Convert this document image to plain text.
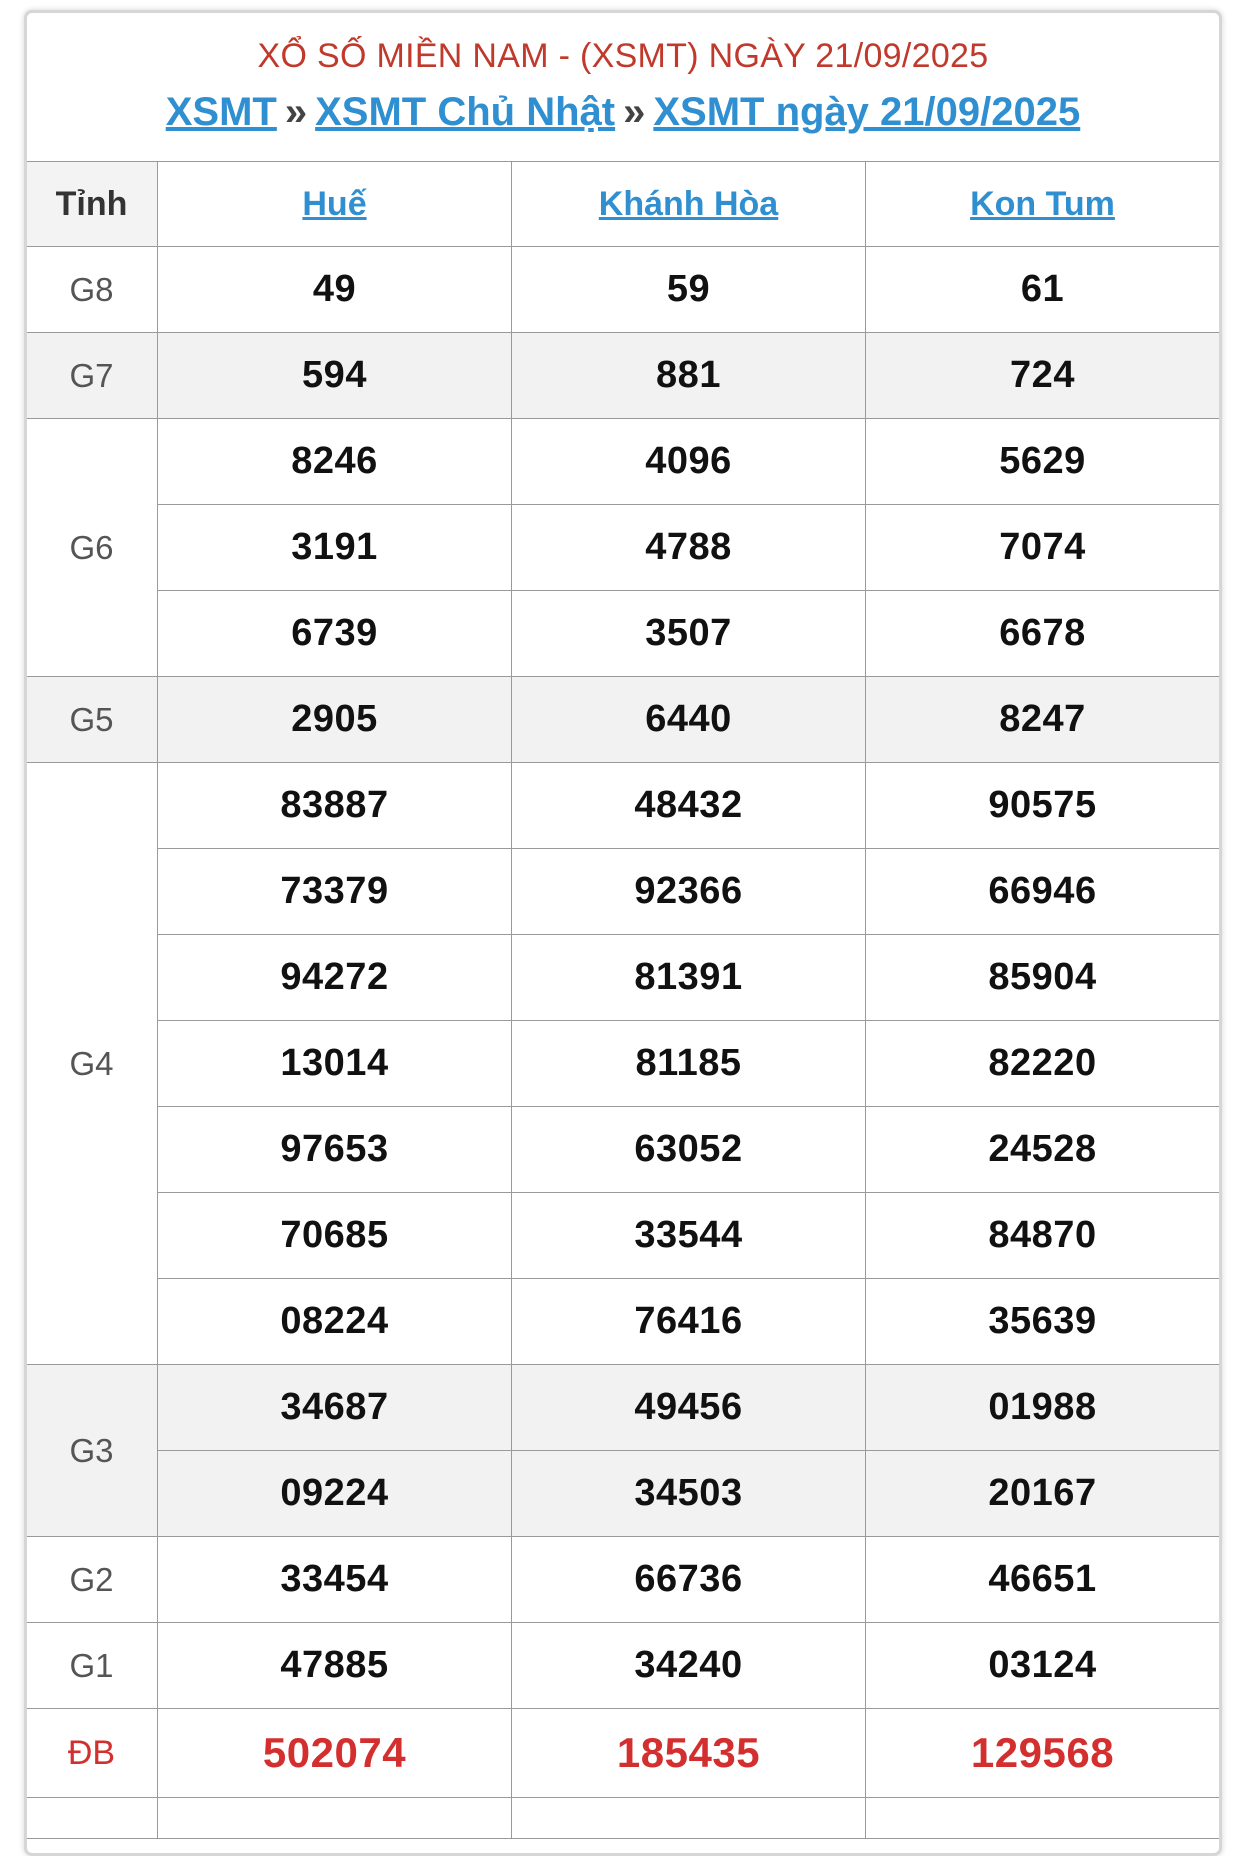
XỔ SỐ MIỀN NAM - (XSMT) NGÀY 21/09/2025
XSMT » XSMT Chủ Nhật » XSMT ngày 21/09/2025
Tỉnh	Huế	Khánh Hòa	Kon Tum
G8	49	59	61
G7	594	881	724
G6	8246	4096	5629
	3191	4788	7074
	6739	3507	6678
G5	2905	6440	8247
G4	83887	48432	90575
	73379	92366	66946
	94272	81391	85904
	13014	81185	82220
	97653	63052	24528
	70685	33544	84870
	08224	76416	35639
G3	34687	49456	01988
	09224	34503	20167
G2	33454	66736	46651
G1	47885	34240	03124
ĐB	502074	185435	129568
